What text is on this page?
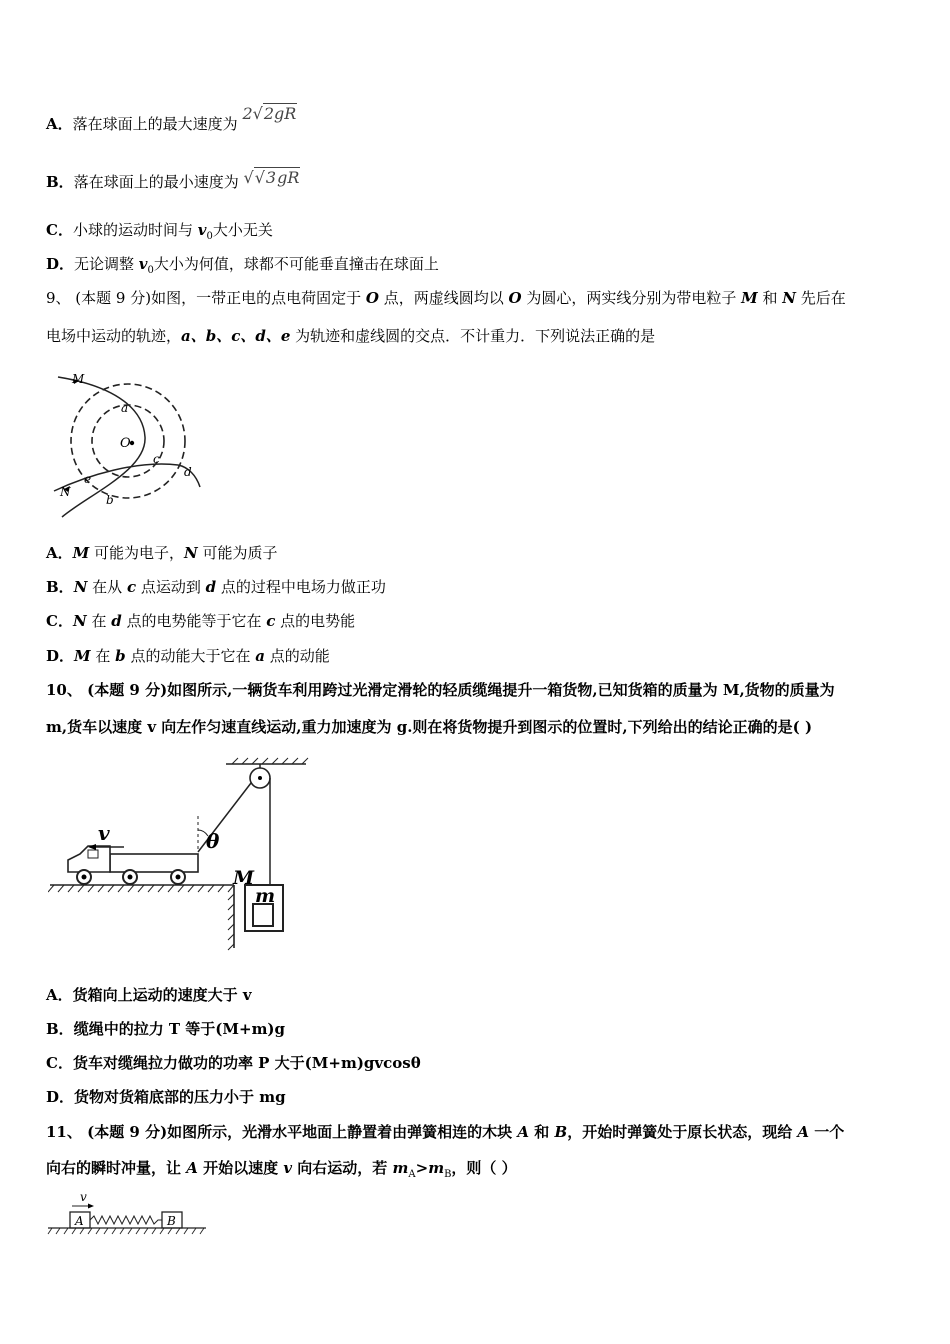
A．落在球面上的最大速度为 2√2gR
B．落在球面上的最小速度为 √√3gR
C．小球的运动时间与 $v_0$大小无关
D．无论调整 $v_0$大小为何值，球都不可能垂直撞击在球面上
9、 (本题 9 分)如图，一带正电的点电荷固定于 O 点，两虚线圆均以 O 为圆心，两实线分别为带电粒子 M 和 N 先后在
电场中运动的轨迹，a、b、c、d、e 为轨迹和虚线圆的交点．不计重力．下列说法正确的是
M
N
O
a
b
c
d
e
A．M 可能为电子，N 可能为质子
B．N 在从 c 点运动到 d 点的过程中电场力做正功
C．N 在 d 点的电势能等于它在 c 点的电势能
D．M 在 b 点的动能大于它在 a 点的动能
10、 (本题 9 分)如图所示,一辆货车利用跨过光滑定滑轮的轻质缆绳提升一箱货物,已知货箱的质量为 M,货物的质量为
m,货车以速度 v 向左作匀速直线运动,重力加速度为 g.则在将货物提升到图示的位置时,下列给出的结论正确的是( )
θ
v
M
m
A．货箱向上运动的速度大于 v
B．缆绳中的拉力 T 等于(M+m)g
C．货车对缆绳拉力做功的功率 P 大于(M+m)gvcosθ
D．货物对货箱底部的压力小于 mg
11、 (本题 9 分)如图所示，光滑水平地面上静置着由弹簧相连的木块 A 和 B，开始时弹簧处于原长状态，现给 A 一个
向右的瞬时冲量，让 A 开始以速度 v 向右运动，若 $m_A>m_B$，则（ ）
v
A	B
